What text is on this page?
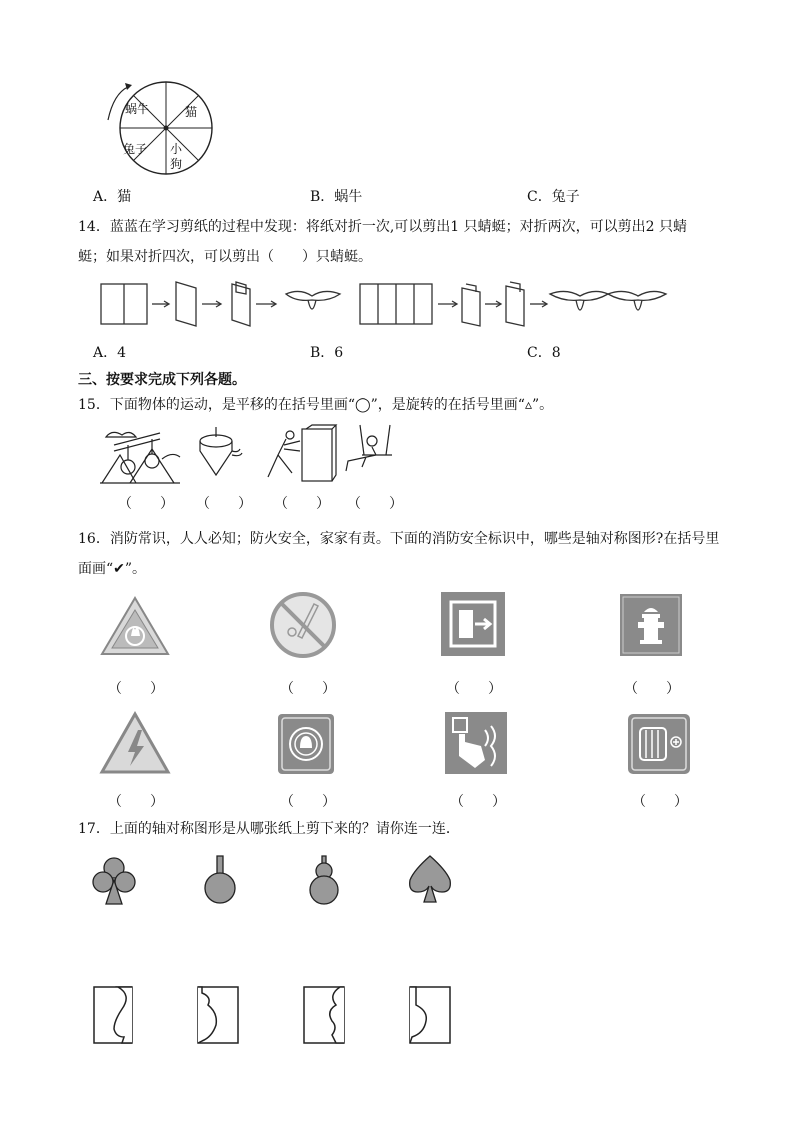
蜗牛	猫
兔子 小
狗
A．猫	B．蜗牛	C．兔子
14．蓝蓝在学习剪纸的过程中发现：将纸对折一次,可以剪出1 只蜻蜓；对折两次，可以剪出2 只蜻
蜓；如果对折四次，可以剪出（　　）只蜻蜓。
A．4	B．6	C．8
三、按要求完成下列各题。
15．下面物体的运动，是平移的在括号里画“◯”，是旋转的在括号里画“▵”。
（　　） （　　） （　　） （　　）
16．消防常识，人人必知；防火安全，家家有责。下面的消防安全标识中，哪些是轴对称图形?在括号里
面画“✔”。
（　　）	（　　）	（　　）	（　　）
（　　）	（　　）	（　　）	（　　）
17．上面的轴对称图形是从哪张纸上剪下来的？请你连一连．
